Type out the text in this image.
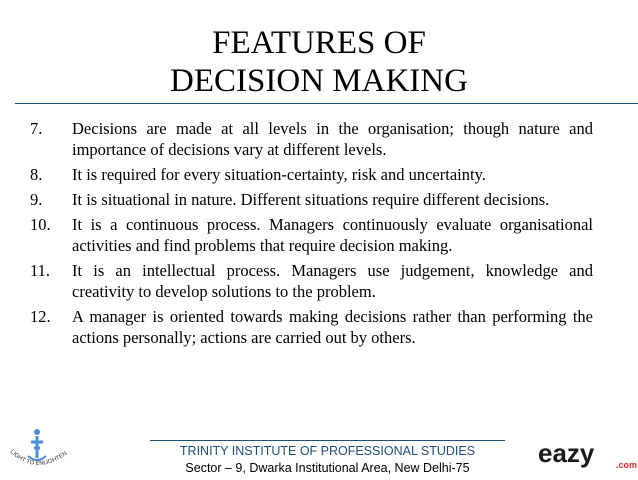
FEATURES OF
DECISION MAKING
7. Decisions are made at all levels in the organisation; though nature and importance of decisions vary at different levels.
8. It is required for every situation-certainty, risk and uncertainty.
9. It is situational in nature. Different situations require different decisions.
10. It is a continuous process. Managers continuously evaluate organisational activities and find problems that require decision making.
11. It is an intellectual process. Managers use judgement, knowledge and creativity to develop solutions to the problem.
12. A manager is oriented towards making decisions rather than performing the actions personally; actions are carried out by others.
LIGHT TO ENLIGHTEN	TRINITY INSTITUTE OF PROFESSIONAL STUDIES
Sector – 9, Dwarka Institutional Area, New Delhi-75	eazy .com
